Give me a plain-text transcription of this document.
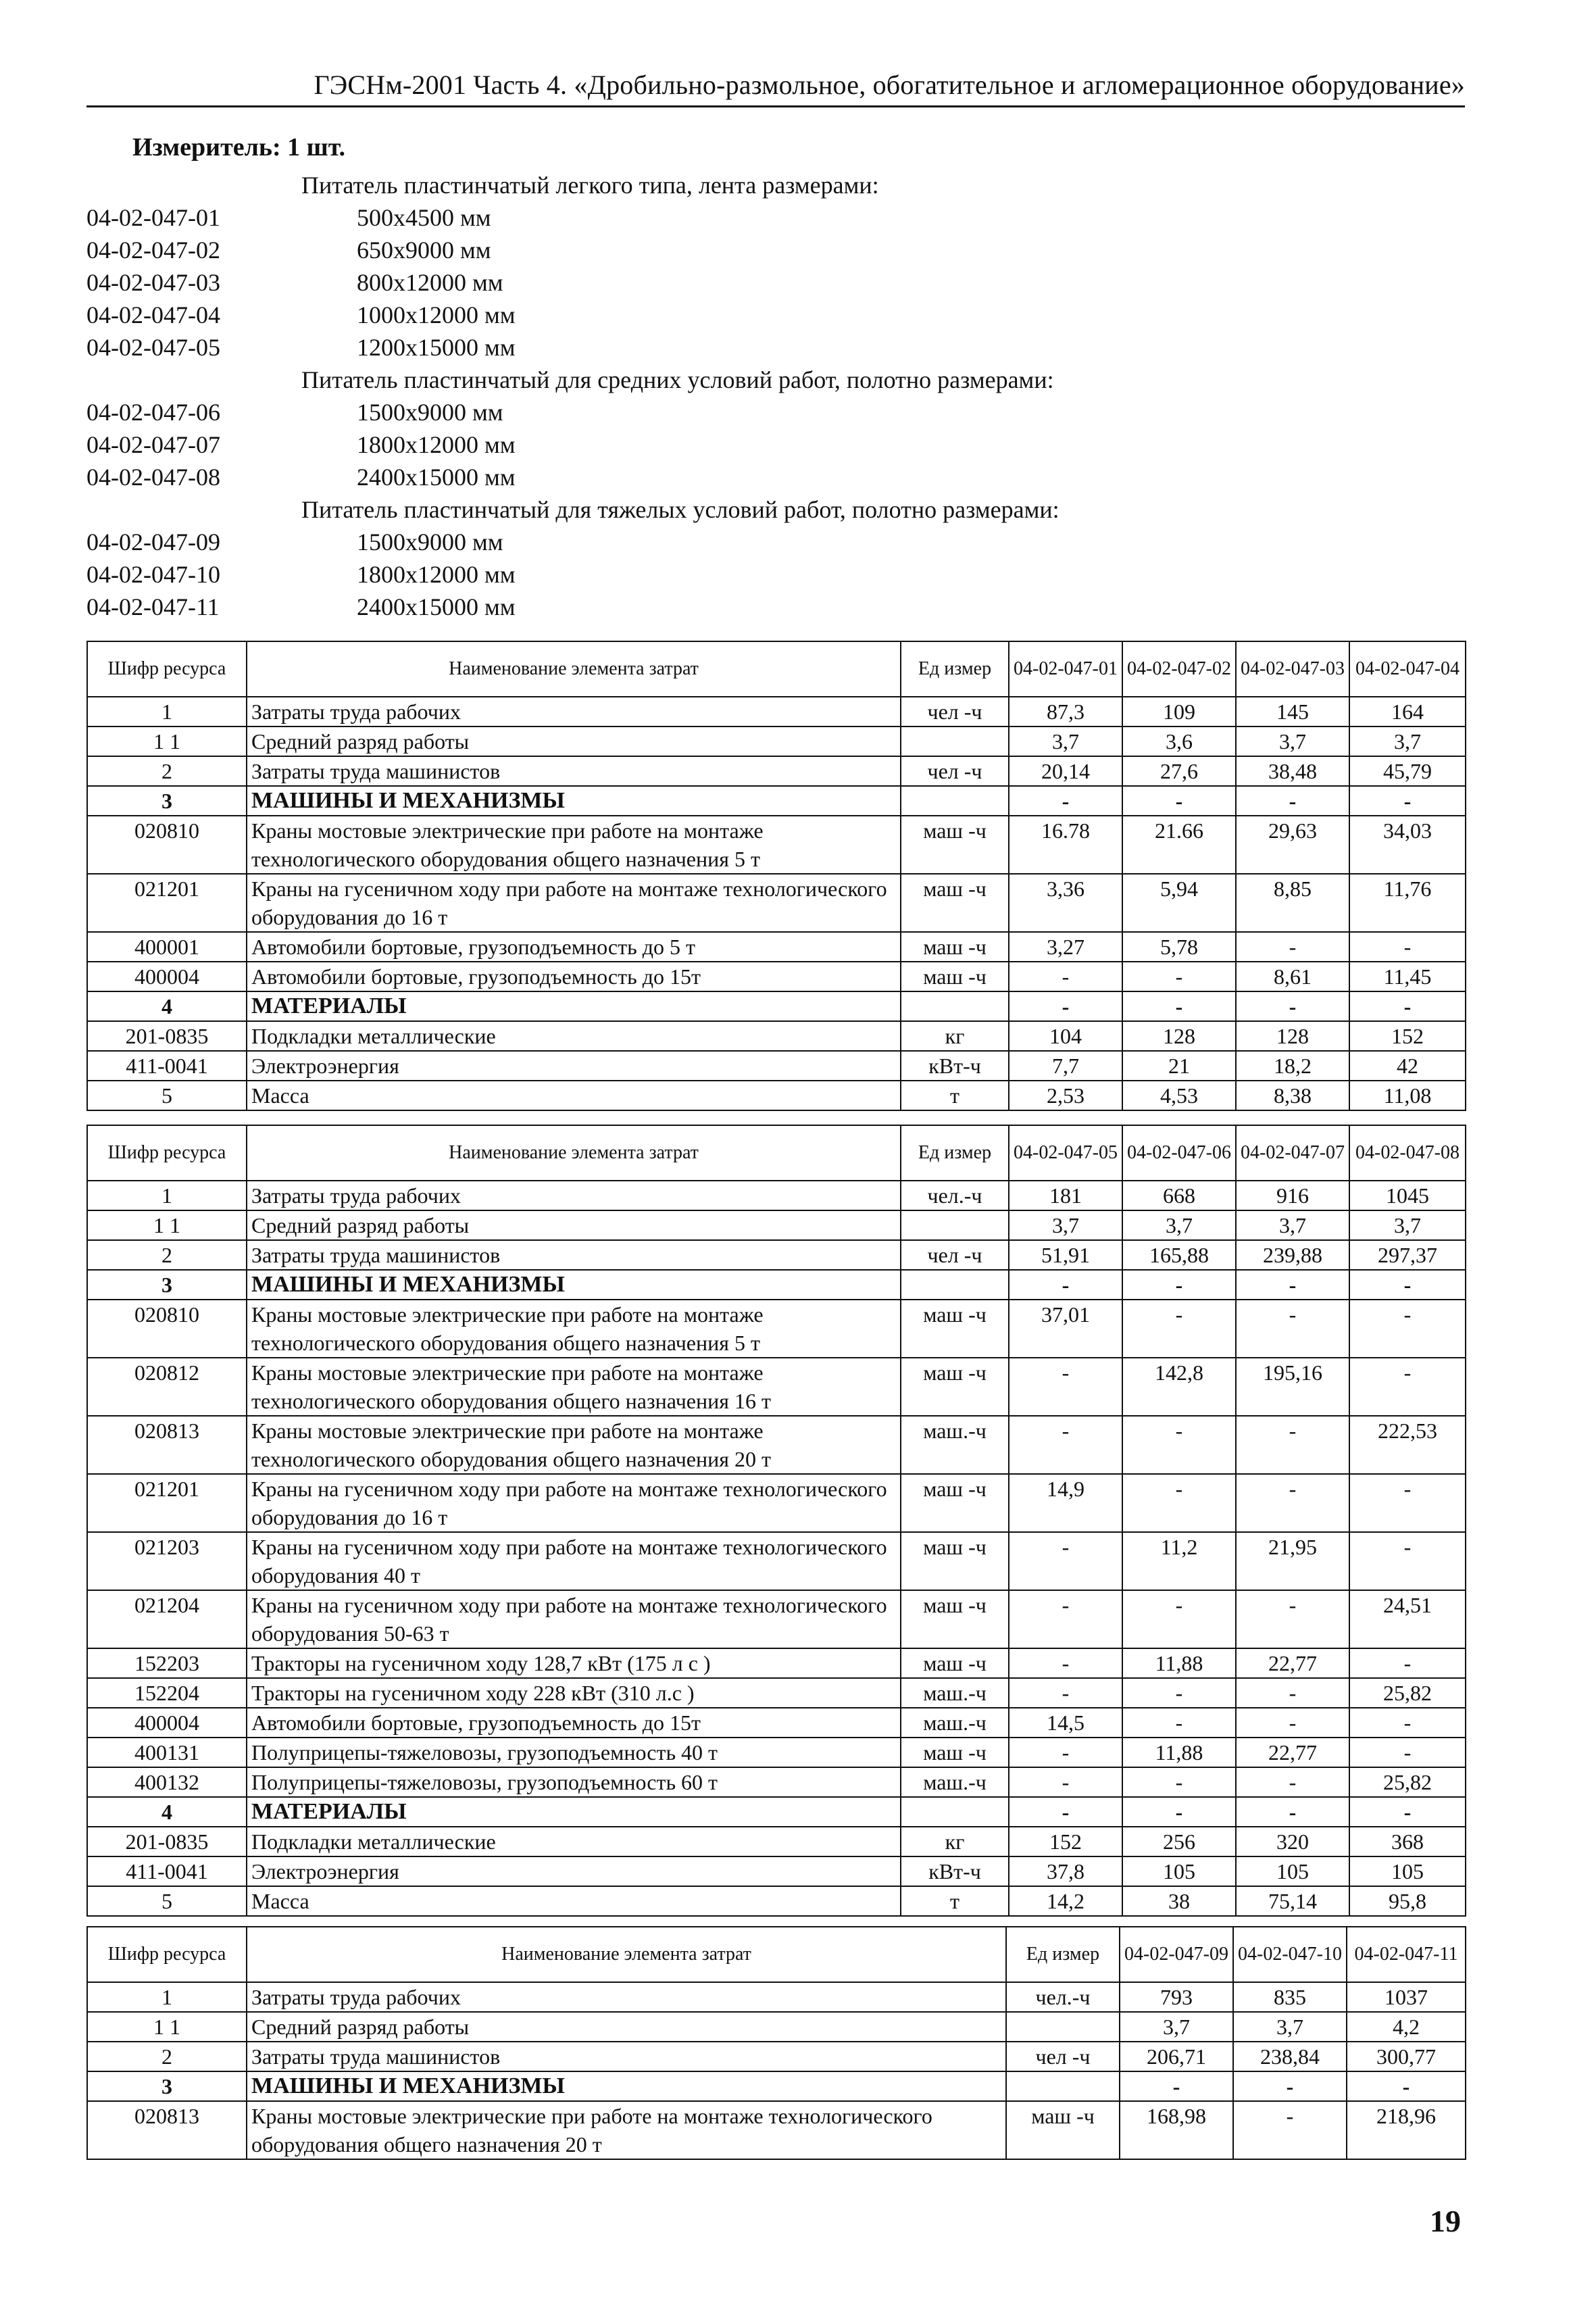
ГЭСНм-2001 Часть 4. «Дробильно-размольное, обогатительное и агломерационное оборудование»
Измеритель: 1 шт.
Питатель пластинчатый легкого типа, лента размерами:
04-02-047-01	500х4500 мм
04-02-047-02	650х9000 мм
04-02-047-03	800х12000 мм
04-02-047-04	1000х12000 мм
04-02-047-05	1200х15000 мм
Питатель пластинчатый для средних условий работ, полотно размерами:
04-02-047-06	1500х9000 мм
04-02-047-07	1800х12000 мм
04-02-047-08	2400х15000 мм
Питатель пластинчатый для тяжелых условий работ, полотно размерами:
04-02-047-09	1500х9000 мм
04-02-047-10	1800х12000 мм
04-02-047-11	2400х15000 мм
Шифр ресурса	Наименование элемента затрат	Ед измер	04-02-047-01	04-02-047-02	04-02-047-03	04-02-047-04
1	Затраты труда рабочих	чел -ч	87,3	109	145	164
1 1	Средний разряд работы		3,7	3,6	3,7	3,7
2	Затраты труда машинистов	чел -ч	20,14	27,6	38,48	45,79
3	МАШИНЫ И МЕХАНИЗМЫ		-	-	-	-
020810	Краны мостовые электрические при работе на монтаже технологического оборудования общего назначения 5 т	маш -ч	16.78	21.66	29,63	34,03
021201	Краны на гусеничном ходу при работе на монтаже технологического оборудования до 16 т	маш -ч	3,36	5,94	8,85	11,76
400001	Автомобили бортовые, грузоподъемность до 5 т	маш -ч	3,27	5,78	-	-
400004	Автомобили бортовые, грузоподъемность до 15т	маш -ч	-	-	8,61	11,45
4	МАТЕРИАЛЫ		-	-	-	-
201-0835	Подкладки металлические	кг	104	128	128	152
411-0041	Электроэнергия	кВт-ч	7,7	21	18,2	42
5	Масса	т	2,53	4,53	8,38	11,08
Шифр ресурса	Наименование элемента затрат	Ед измер	04-02-047-05	04-02-047-06	04-02-047-07	04-02-047-08
1	Затраты труда рабочих	чел.-ч	181	668	916	1045
1 1	Средний разряд работы		3,7	3,7	3,7	3,7
2	Затраты труда машинистов	чел -ч	51,91	165,88	239,88	297,37
3	МАШИНЫ И МЕХАНИЗМЫ		-	-	-	-
020810	Краны мостовые электрические при работе на монтаже технологического оборудования общего назначения 5 т	маш -ч	37,01	-	-	-
020812	Краны мостовые электрические при работе на монтаже технологического оборудования общего назначения 16 т	маш -ч	-	142,8	195,16	-
020813	Краны мостовые электрические при работе на монтаже технологического оборудования общего назначения 20 т	маш.-ч	-	-	-	222,53
021201	Краны на гусеничном ходу при работе на монтаже технологического оборудования до 16 т	маш -ч	14,9	-	-	-
021203	Краны на гусеничном ходу при работе на монтаже технологического оборудования 40 т	маш -ч	-	11,2	21,95	-
021204	Краны на гусеничном ходу при работе на монтаже технологического оборудования 50-63 т	маш -ч	-	-	-	24,51
152203	Тракторы на гусеничном ходу 128,7 кВт (175 л с )	маш -ч	-	11,88	22,77	-
152204	Тракторы на гусеничном ходу 228 кВт (310 л.с )	маш.-ч	-	-	-	25,82
400004	Автомобили бортовые, грузоподъемность до 15т	маш.-ч	14,5	-	-	-
400131	Полуприцепы-тяжеловозы, грузоподъемность 40 т	маш -ч	-	11,88	22,77	-
400132	Полуприцепы-тяжеловозы, грузоподъемность 60 т	маш.-ч	-	-	-	25,82
4	МАТЕРИАЛЫ		-	-	-	-
201-0835	Подкладки металлические	кг	152	256	320	368
411-0041	Электроэнергия	кВт-ч	37,8	105	105	105
5	Масса	т	14,2	38	75,14	95,8
Шифр ресурса	Наименование элемента затрат	Ед измер	04-02-047-09	04-02-047-10	04-02-047-11
1	Затраты труда рабочих	чел.-ч	793	835	1037
1 1	Средний разряд работы		3,7	3,7	4,2
2	Затраты труда машинистов	чел -ч	206,71	238,84	300,77
3	МАШИНЫ И МЕХАНИЗМЫ		-	-	-
020813	Краны мостовые электрические при работе на монтаже технологического оборудования общего назначения 20 т	маш -ч	168,98	-	218,96
19
